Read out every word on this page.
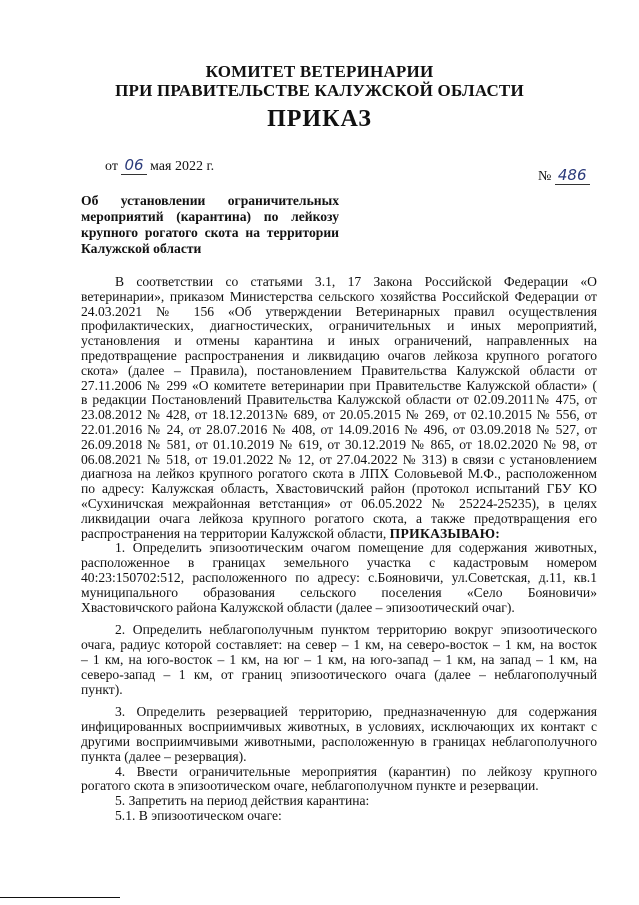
КОМИТЕТ ВЕТЕРИНАРИИ
ПРИ ПРАВИТЕЛЬСТВЕ КАЛУЖСКОЙ ОБЛАСТИ
ПРИКАЗ
от 06 мая 2022 г.
№ 486
Об установлении ограничительных
мероприятий (карантина) по лейкозу
крупного рогатого скота на территории
Калужской области
В соответствии со статьями 3.1, 17 Закона Российской Федерации «О
ветеринарии», приказом Министерства сельского хозяйства Российской Федерации от
24.03.2021 № 156 «Об утверждении Ветеринарных правил осуществления
профилактических, диагностических, ограничительных и иных мероприятий,
установления и отмены карантина и иных ограничений, направленных на
предотвращение распространения и ликвидацию очагов лейкоза крупного рогатого
скота» (далее – Правила), постановлением Правительства Калужской области от
27.11.2006 № 299 «О комитете ветеринарии при Правительстве Калужской области» (
в редакции Постановлений Правительства Калужской области от 02.09.2011№ 475, от
23.08.2012 № 428, от 18.12.2013№ 689, от 20.05.2015 № 269, от 02.10.2015 № 556, от
22.01.2016 № 24, от 28.07.2016 № 408, от 14.09.2016 № 496, от 03.09.2018 № 527, от
26.09.2018 № 581, от 01.10.2019 № 619, от 30.12.2019 № 865, от 18.02.2020 № 98, от
06.08.2021 № 518, от 19.01.2022 № 12, от 27.04.2022 № 313) в связи с установлением
диагноза на лейкоз крупного рогатого скота в ЛПХ Соловьевой М.Ф., расположенном
по адресу: Калужская область, Хвастовичский район (протокол испытаний ГБУ КО
«Сухиничская межрайонная ветстанция» от 06.05.2022 № 25224-25235), в целях
ликвидации очага лейкоза крупного рогатого скота, а также предотвращения его
распространения на территории Калужской области, ПРИКАЗЫВАЮ:
1. Определить эпизоотическим очагом помещение для содержания животных,
расположенное в границах земельного участка с кадастровым номером
40:23:150702:512, расположенного по адресу: с.Бояновичи, ул.Советская, д.11, кв.1
муниципального образования сельского поселения «Село Бояновичи»
Хвастовичского района Калужской области (далее – эпизоотический очаг).
2. Определить неблагополучным пунктом территорию вокруг эпизоотического
очага, радиус которой составляет: на север – 1 км, на северо-восток – 1 км, на восток
– 1 км, на юго-восток – 1 км, на юг – 1 км, на юго-запад – 1 км, на запад – 1 км, на
северо-запад – 1 км, от границ эпизоотического очага (далее – неблагополучный
пункт).
3. Определить резервацией территорию, предназначенную для содержания
инфицированных восприимчивых животных, в условиях, исключающих их контакт с
другими восприимчивыми животными, расположенную в границах неблагополучного
пункта (далее – резервация).
4. Ввести ограничительные мероприятия (карантин) по лейкозу крупного
рогатого скота в эпизоотическом очаге, неблагополучном пункте и резервации.
5. Запретить на период действия карантина:
5.1. В эпизоотическом очаге:
